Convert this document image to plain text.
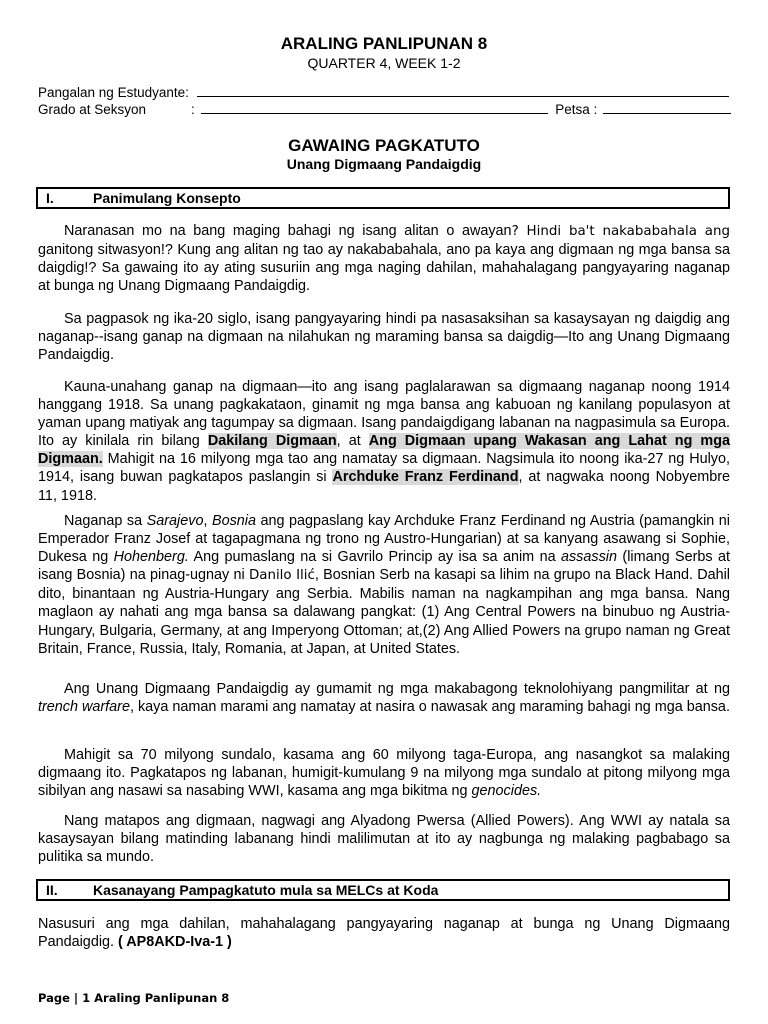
ARALING PANLIPUNAN 8
QUARTER 4, WEEK 1-2
Pangalan ng Estudyante:
Grado at Seksyon	:	Petsa :
GAWAING PAGKATUTO
Unang Digmaang Pandaigdig
I.	Panimulang Konsepto

Naranasan mo na bang maging bahagi ng isang alitan o awayan? Hindi ba't nakababahala ang ganitong sitwasyon!? Kung ang alitan ng tao ay nakababahala, ano pa kaya ang digmaan ng mga bansa sa daigdig!? Sa gawaing ito ay ating susuriin ang mga naging dahilan, mahahalagang pangyayaring naganap at bunga ng Unang Digmaang Pandaigdig.

Sa pagpasok ng ika-20 siglo, isang pangyayaring hindi pa nasasaksihan sa kasaysayan ng daigdig ang naganap--isang ganap na digmaan na nilahukan ng maraming bansa sa daigdig—Ito ang Unang Digmaang Pandaigdig.

Kauna-unahang ganap na digmaan—ito ang isang paglalarawan sa digmaang naganap noong 1914 hanggang 1918. Sa unang pagkakataon, ginamit ng mga bansa ang kabuoan ng kanilang populasyon at yaman upang matiyak ang tagumpay sa digmaan. Isang pandaigdigang labanan na nagpasimula sa Europa. Ito ay kinilala rin bilang Dakilang Digmaan, at Ang Digmaan upang Wakasan ang Lahat ng mga Digmaan. Mahigit na 16 milyong mga tao ang namatay sa digmaan. Nagsimula ito noong ika-27 ng Hulyo, 1914, isang buwan pagkatapos paslangin si Archduke Franz Ferdinand, at nagwaka noong Nobyembre 11, 1918.

Naganap sa Sarajevo, Bosnia ang pagpaslang kay Archduke Franz Ferdinand ng Austria (pamangkin ni Emperador Franz Josef at tagapagmana ng trono ng Austro-Hungarian) at sa kanyang asawang si Sophie, Dukesa ng Hohenberg. Ang pumaslang na si Gavrilo Princip ay isa sa anim na assassin (limang Serbs at isang Bosnia) na pinag-ugnay ni Danilo Ilić, Bosnian Serb na kasapi sa lihim na grupo na Black Hand. Dahil dito, binantaan ng Austria-Hungary ang Serbia. Mabilis naman na nagkampihan ang mga bansa. Nang maglaon ay nahati ang mga bansa sa dalawang pangkat: (1) Ang Central Powers na binubuo ng Austria-Hungary, Bulgaria, Germany, at ang Imperyong Ottoman; at,(2) Ang Allied Powers na grupo naman ng Great Britain, France, Russia, Italy, Romania, at Japan, at United States.

Ang Unang Digmaang Pandaigdig ay gumamit ng mga makabagong teknolohiyang pangmilitar at ng trench warfare, kaya naman marami ang namatay at nasira o nawasak ang maraming bahagi ng mga bansa.

Mahigit sa 70 milyong sundalo, kasama ang 60 milyong taga-Europa, ang nasangkot sa malaking digmaang ito. Pagkatapos ng labanan, humigit-kumulang 9 na milyong mga sundalo at pitong milyong mga sibilyan ang nasawi sa nasabing WWI, kasama ang mga bikitma ng genocides.

Nang matapos ang digmaan, nagwagi ang Alyadong Pwersa (Allied Powers). Ang WWI ay natala sa kasaysayan bilang matinding labanang hindi malilimutan at ito ay nagbunga ng malaking pagbabago sa pulitika sa mundo.

II.	Kasanayang Pampagkatuto mula sa MELCs at Koda

Nasusuri ang mga dahilan, mahahalagang pangyayaring naganap at bunga ng Unang Digmaang Pandaigdig. ( AP8AKD-Iva-1 )

Page | 1 Araling Panlipunan 8
